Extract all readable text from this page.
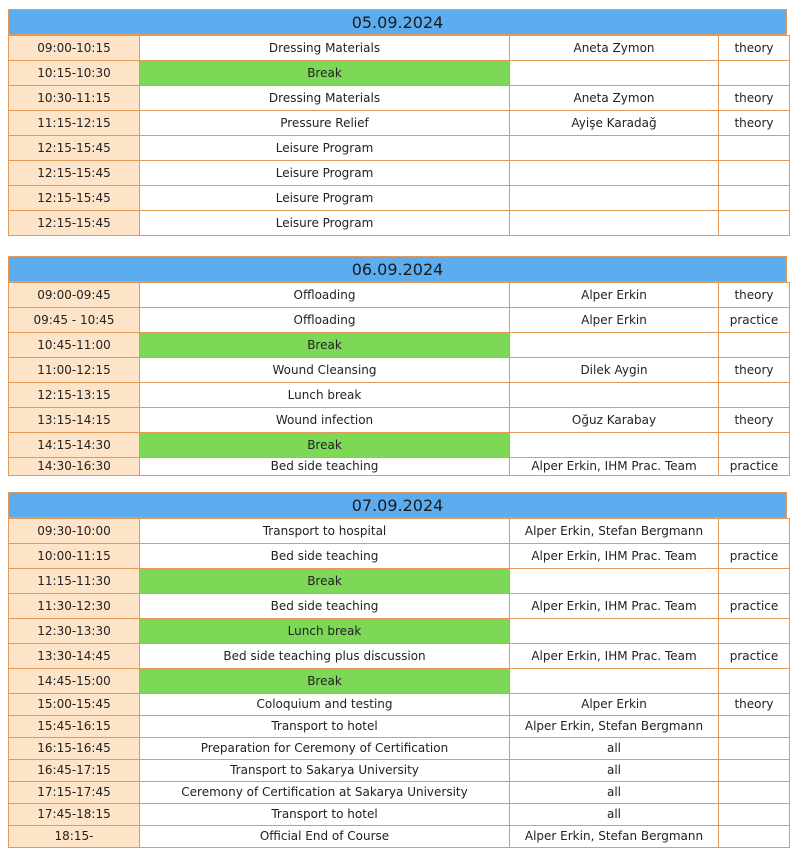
05.09.2024
09:00-10:15	Dressing Materials	Aneta Zymon	theory
10:15-10:30	Break		
10:30-11:15	Dressing Materials	Aneta Zymon	theory
11:15-12:15	Pressure Relief	Ayişe Karadağ	theory
12:15-15:45	Leisure Program		
12:15-15:45	Leisure Program		
12:15-15:45	Leisure Program		
12:15-15:45	Leisure Program		
06.09.2024
09:00-09:45	Offloading	Alper Erkin	theory
09:45 - 10:45	Offloading	Alper Erkin	practice
10:45-11:00	Break		
11:00-12:15	Wound Cleansing	Dilek Aygin	theory
12:15-13:15	Lunch break		
13:15-14:15	Wound infection	Oğuz Karabay	theory
14:15-14:30	Break		
14:30-16:30	Bed side teaching	Alper Erkin, IHM Prac. Team	practice
07.09.2024
09:30-10:00	Transport to hospital	Alper Erkin, Stefan Bergmann	
10:00-11:15	Bed side teaching	Alper Erkin, IHM Prac. Team	practice
11:15-11:30	Break		
11:30-12:30	Bed side teaching	Alper Erkin, IHM Prac. Team	practice
12:30-13:30	Lunch break		
13:30-14:45	Bed side teaching plus discussion	Alper Erkin, IHM Prac. Team	practice
14:45-15:00	Break		
15:00-15:45	Coloquium and testing	Alper Erkin	theory
15:45-16:15	Transport to hotel	Alper Erkin, Stefan Bergmann	
16:15-16:45	Preparation for Ceremony of Certification	all	
16:45-17:15	Transport to Sakarya University	all	
17:15-17:45	Ceremony of Certification at Sakarya University	all	
17:45-18:15	Transport to hotel	all	
18:15-	Official End of Course	Alper Erkin, Stefan Bergmann	
